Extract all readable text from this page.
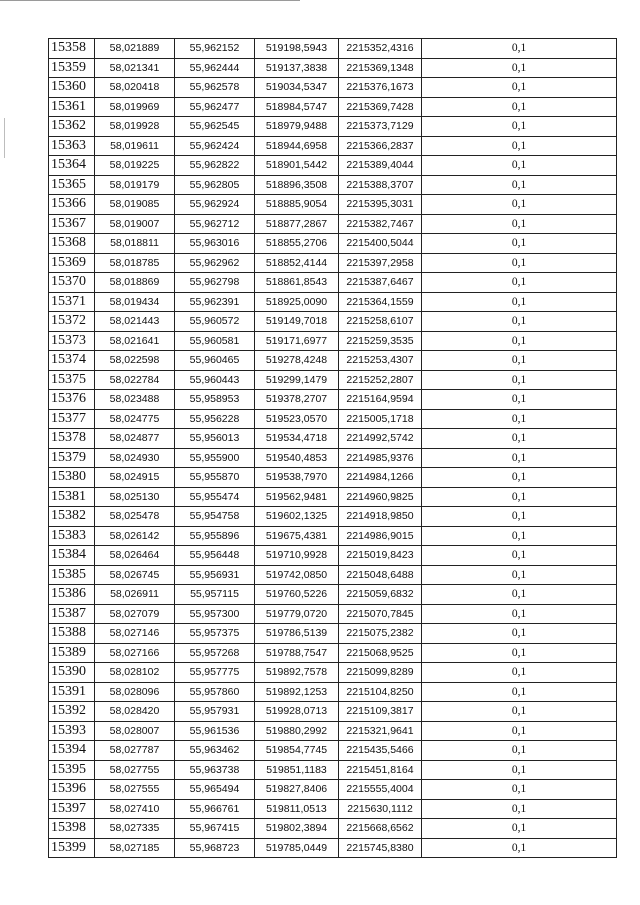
15358	58,021889	55,962152	519198,5943	2215352,4316	0,1
15359	58,021341	55,962444	519137,3838	2215369,1348	0,1
15360	58,020418	55,962578	519034,5347	2215376,1673	0,1
15361	58,019969	55,962477	518984,5747	2215369,7428	0,1
15362	58,019928	55,962545	518979,9488	2215373,7129	0,1
15363	58,019611	55,962424	518944,6958	2215366,2837	0,1
15364	58,019225	55,962822	518901,5442	2215389,4044	0,1
15365	58,019179	55,962805	518896,3508	2215388,3707	0,1
15366	58,019085	55,962924	518885,9054	2215395,3031	0,1
15367	58,019007	55,962712	518877,2867	2215382,7467	0,1
15368	58,018811	55,963016	518855,2706	2215400,5044	0,1
15369	58,018785	55,962962	518852,4144	2215397,2958	0,1
15370	58,018869	55,962798	518861,8543	2215387,6467	0,1
15371	58,019434	55,962391	518925,0090	2215364,1559	0,1
15372	58,021443	55,960572	519149,7018	2215258,6107	0,1
15373	58,021641	55,960581	519171,6977	2215259,3535	0,1
15374	58,022598	55,960465	519278,4248	2215253,4307	0,1
15375	58,022784	55,960443	519299,1479	2215252,2807	0,1
15376	58,023488	55,958953	519378,2707	2215164,9594	0,1
15377	58,024775	55,956228	519523,0570	2215005,1718	0,1
15378	58,024877	55,956013	519534,4718	2214992,5742	0,1
15379	58,024930	55,955900	519540,4853	2214985,9376	0,1
15380	58,024915	55,955870	519538,7970	2214984,1266	0,1
15381	58,025130	55,955474	519562,9481	2214960,9825	0,1
15382	58,025478	55,954758	519602,1325	2214918,9850	0,1
15383	58,026142	55,955896	519675,4381	2214986,9015	0,1
15384	58,026464	55,956448	519710,9928	2215019,8423	0,1
15385	58,026745	55,956931	519742,0850	2215048,6488	0,1
15386	58,026911	55,957115	519760,5226	2215059,6832	0,1
15387	58,027079	55,957300	519779,0720	2215070,7845	0,1
15388	58,027146	55,957375	519786,5139	2215075,2382	0,1
15389	58,027166	55,957268	519788,7547	2215068,9525	0,1
15390	58,028102	55,957775	519892,7578	2215099,8289	0,1
15391	58,028096	55,957860	519892,1253	2215104,8250	0,1
15392	58,028420	55,957931	519928,0713	2215109,3817	0,1
15393	58,028007	55,961536	519880,2992	2215321,9641	0,1
15394	58,027787	55,963462	519854,7745	2215435,5466	0,1
15395	58,027755	55,963738	519851,1183	2215451,8164	0,1
15396	58,027555	55,965494	519827,8406	2215555,4004	0,1
15397	58,027410	55,966761	519811,0513	2215630,1112	0,1
15398	58,027335	55,967415	519802,3894	2215668,6562	0,1
15399	58,027185	55,968723	519785,0449	2215745,8380	0,1
